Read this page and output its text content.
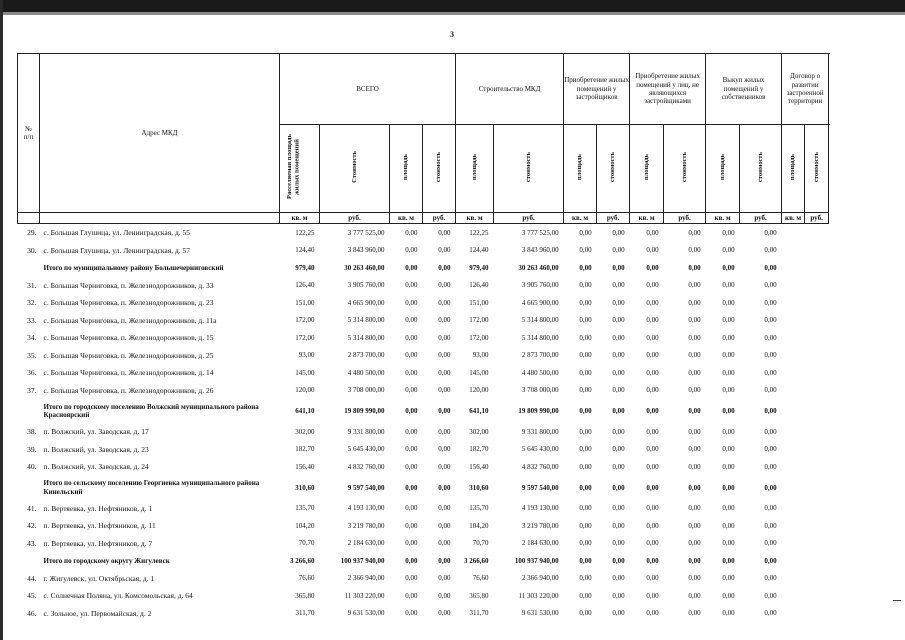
3
№
п/п	Адрес МКД	ВСЕГО				Строительство МКД		Приобретение жилых помещений у застройщиков		Приобретение жилых помещений у лиц, не являющихся застройщиками		Выкуп жилых помещений у собственников		Договор о развитии застроенной территории	
		Расселяемая площадь жилых помещений	Стоимость	площадь	стоимость	площадь	стоимость	площадь	стоимость	площадь	стоимость	площадь	стоимость	площадь	стоимость	
		кв. м	руб.	кв. м	руб.	кв. м	руб.	кв. м	руб.	кв. м	руб.	кв. м	руб.	кв. м	руб.	
29.	с. Большая Глушица, ул. Ленинградская, д. 55	122,25	3 777 525,00	0,00	0,00	122,25	3 777 525,00	0,00	0,00	0,00	0,00	0,00	0,00			
30.	с. Большая Глушица, ул. Ленинградская, д. 57	124,40	3 843 960,00	0,00	0,00	124,40	3 843 960,00	0,00	0,00	0,00	0,00	0,00	0,00			
	Итого по муниципальному району Большечерниговский	979,40	30 263 460,00	0,00	0,00	979,40	30 263 460,00	0,00	0,00	0,00	0,00	0,00	0,00			
31.	с. Большая Черниговка, п. Железнодорожников, д. 33	126,40	3 905 760,00	0,00	0,00	126,40	3 905 760,00	0,00	0,00	0,00	0,00	0,00	0,00			
32.	с. Большая Черниговка, п. Железнодорожников, д. 23	151,00	4 665 900,00	0,00	0,00	151,00	4 665 900,00	0,00	0,00	0,00	0,00	0,00	0,00			
33.	с. Большая Черниговка, п. Железнодорожников, д. 11а	172,00	5 314 800,00	0,00	0,00	172,00	5 314 800,00	0,00	0,00	0,00	0,00	0,00	0,00			
34.	с. Большая Черниговка, п. Железнодорожников, д. 15	172,00	5 314 800,00	0,00	0,00	172,00	5 314 800,00	0,00	0,00	0,00	0,00	0,00	0,00			
35.	с. Большая Черниговка, п. Железнодорожников, д. 25	93,00	2 873 700,00	0,00	0,00	93,00	2 873 700,00	0,00	0,00	0,00	0,00	0,00	0,00			
36.	с. Большая Черниговка, п. Железнодорожников, д. 14	145,00	4 480 500,00	0,00	0,00	145,00	4 480 500,00	0,00	0,00	0,00	0,00	0,00	0,00			
37.	с. Большая Черниговка, п. Железнодорожников, д. 26	120,00	3 708 000,00	0,00	0,00	120,00	3 708 000,00	0,00	0,00	0,00	0,00	0,00	0,00			
	Итого по городскому поселению Волжский муниципального района Красноярский	641,10	19 809 990,00	0,00	0,00	641,10	19 809 990,00	0,00	0,00	0,00	0,00	0,00	0,00			
38.	п. Волжский, ул. Заводская, д. 17	302,00	9 331 800,00	0,00	0,00	302,00	9 331 800,00	0,00	0,00	0,00	0,00	0,00	0,00			
39.	п. Волжский, ул. Заводская, д. 23	182,70	5 645 430,00	0,00	0,00	182,70	5 645 430,00	0,00	0,00	0,00	0,00	0,00	0,00			
40.	п. Волжский, ул. Заводская, д. 24	156,40	4 832 760,00	0,00	0,00	156,40	4 832 760,00	0,00	0,00	0,00	0,00	0,00	0,00			
	Итого по сельскому поселению Георгиевка муниципального района Кинельский	310,60	9 597 540,00	0,00	0,00	310,60	9 597 540,00	0,00	0,00	0,00	0,00	0,00	0,00			
41.	п. Вертяевка, ул. Нефтяников, д. 1	135,70	4 193 130,00	0,00	0,00	135,70	4 193 130,00	0,00	0,00	0,00	0,00	0,00	0,00			
42.	п. Вертяевка, ул. Нефтяников, д. 11	104,20	3 219 780,00	0,00	0,00	104,20	3 219 780,00	0,00	0,00	0,00	0,00	0,00	0,00			
43.	п. Вертяевка, ул. Нефтяников, д. 7	70,70	2 184 630,00	0,00	0,00	70,70	2 184 630,00	0,00	0,00	0,00	0,00	0,00	0,00			
	Итого по городскому округу Жигулевск	3 266,60	100 937 940,00	0,00	0,00	3 266,60	100 937 940,00	0,00	0,00	0,00	0,00	0,00	0,00			
44.	г. Жигулевск, ул. Октябрьская, д. 1	76,60	2 366 940,00	0,00	0,00	76,60	2 366 940,00	0,00	0,00	0,00	0,00	0,00	0,00			
45.	с. Солнечная Поляна, ул. Комсомольская, д. 64	365,80	11 303 220,00	0,00	0,00	365,80	11 303 220,00	0,00	0,00	0,00	0,00	0,00	0,00			
46.	с. Зольное, ул. Первомайская, д. 2	311,70	9 631 530,00	0,00	0,00	311,70	9 631 530,00	0,00	0,00	0,00	0,00	0,00	0,00			
